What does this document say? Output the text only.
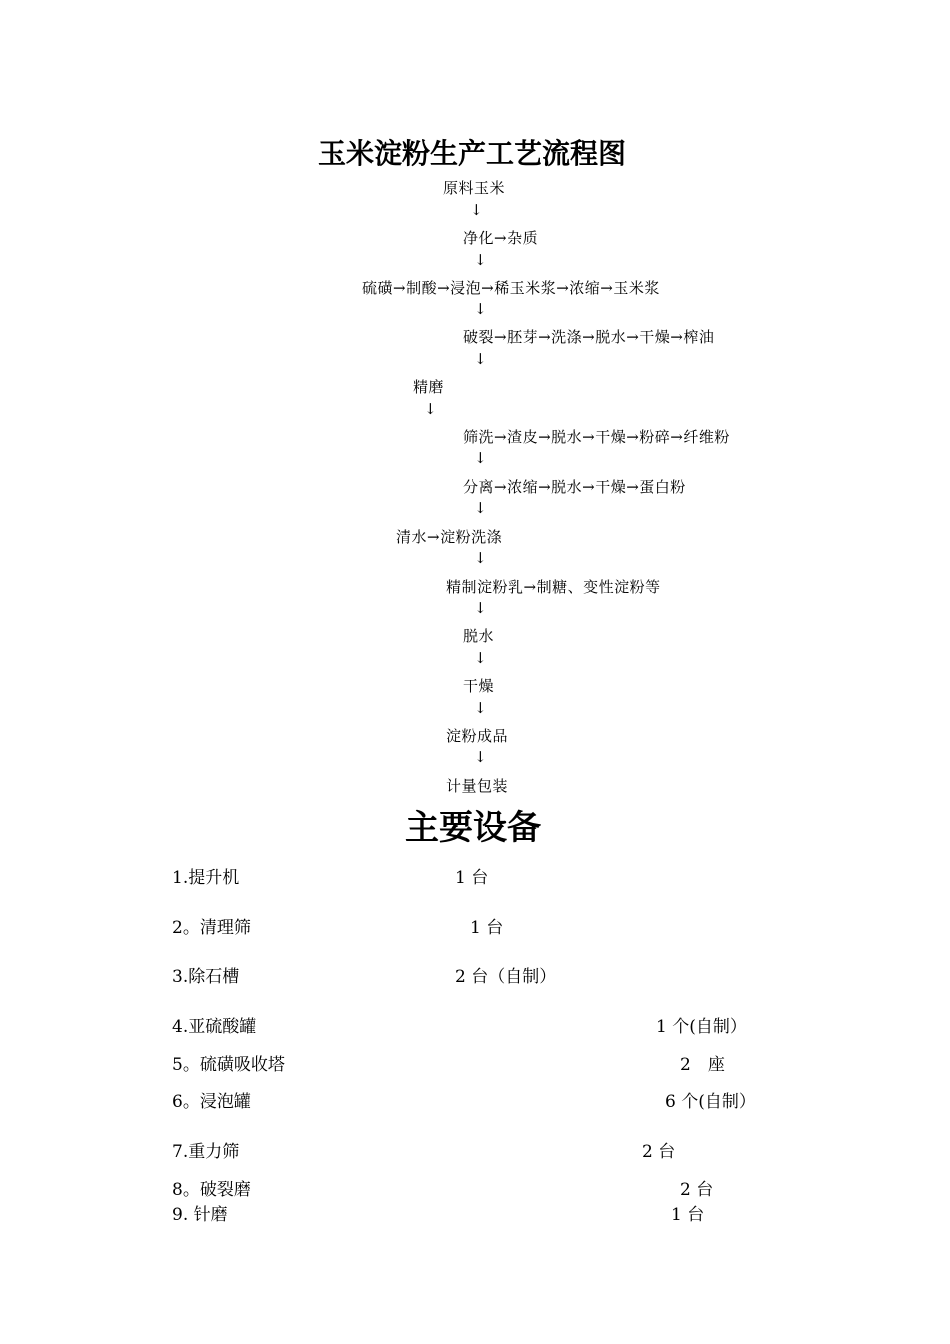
玉米淀粉生产工艺流程图
原料玉米
↓
净化→杂质
↓
硫磺→制酸→浸泡→稀玉米浆→浓缩→玉米浆
↓
破裂→胚芽→洗涤→脱水→干燥→榨油
↓
精磨
↓
筛洗→渣皮→脱水→干燥→粉碎→纤维粉
↓
分离→浓缩→脱水→干燥→蛋白粉
↓
清水→淀粉洗涤
↓
精制淀粉乳→制糖、变性淀粉等
↓
脱水
↓
干燥
↓
淀粉成品
↓
计量包装
主要设备
1.提升机	1 台
2。清理筛	1 台
3.除石槽	2 台（自制）
4.亚硫酸罐	1 个(自制）
5。硫磺吸收塔	2　座
6。浸泡罐	6 个(自制）
7.重力筛	2 台
8。破裂磨	2 台
9. 针磨	1 台
